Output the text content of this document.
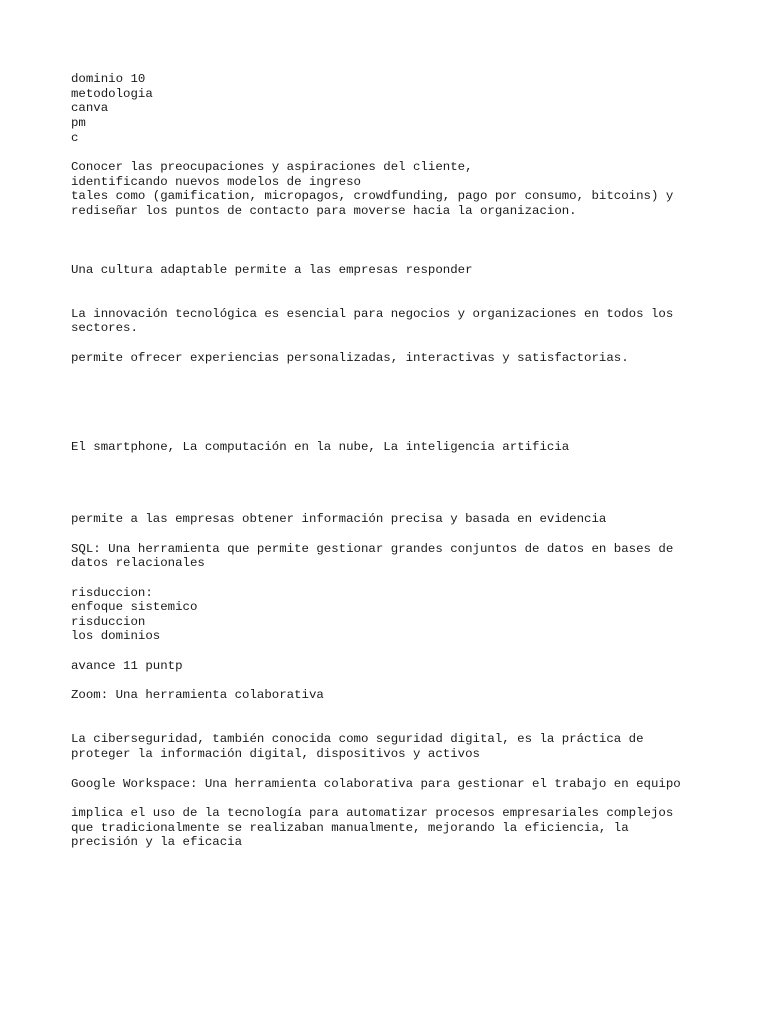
dominio 10

metodologia

canva

pm

c

Conocer las preocupaciones y aspiraciones del cliente,

identificando nuevos modelos de ingreso

tales como (gamification, micropagos, crowdfunding, pago por consumo, bitcoins) y

rediseñar los puntos de contacto para moverse hacia la organizacion.

Una cultura adaptable permite a las empresas responder

La innovación tecnológica es esencial para negocios y organizaciones en todos los

sectores.

permite ofrecer experiencias personalizadas, interactivas y satisfactorias.

El smartphone, La computación en la nube, La inteligencia artificia

permite a las empresas obtener información precisa y basada en evidencia

SQL: Una herramienta que permite gestionar grandes conjuntos de datos en bases de

datos relacionales

risduccion:

enfoque sistemico

risduccion

los dominios

avance 11 puntp

Zoom: Una herramienta colaborativa

La ciberseguridad, también conocida como seguridad digital, es la práctica de

proteger la información digital, dispositivos y activos

Google Workspace: Una herramienta colaborativa para gestionar el trabajo en equipo

implica el uso de la tecnología para automatizar procesos empresariales complejos

que tradicionalmente se realizaban manualmente, mejorando la eficiencia, la

precisión y la eficacia
